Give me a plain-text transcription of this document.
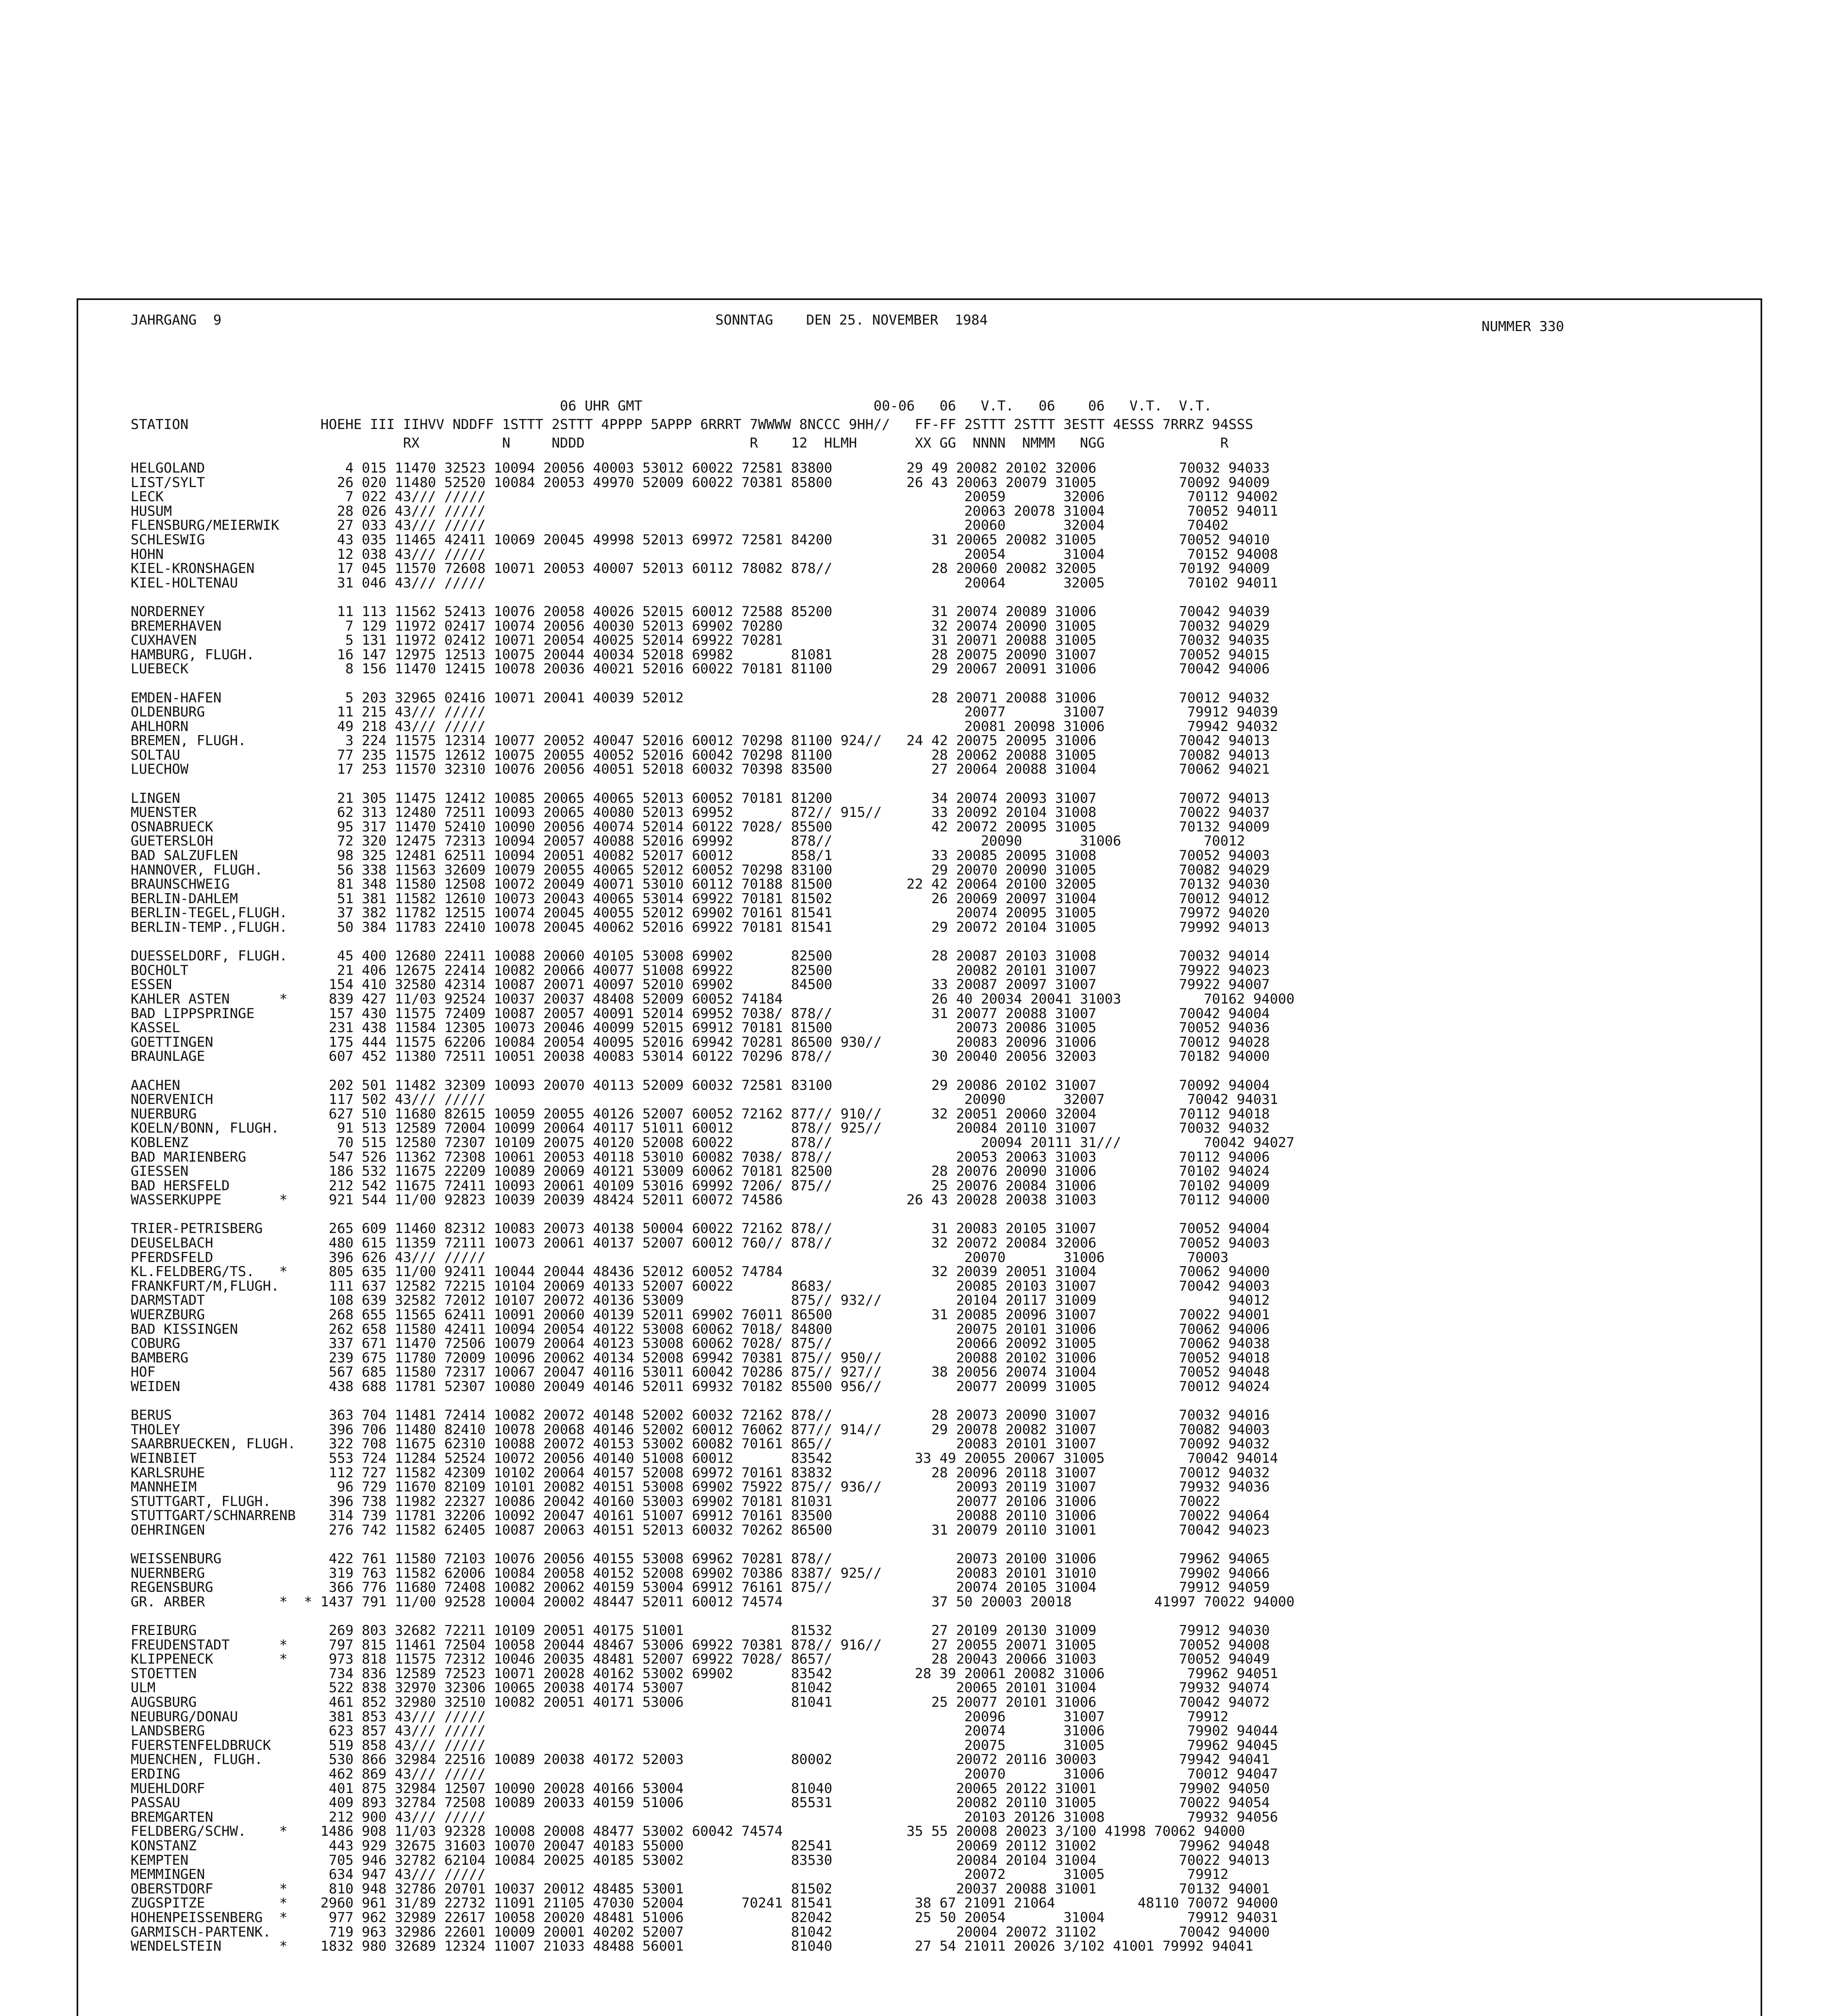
JAHRGANG  9	SONNTAG    DEN 25. NOVEMBER  1984	NUMMER 330
06 UHR GMT                            00-06   06   V.T.   06    06   V.T.  V.T.
STATION                HOEHE III IIHVV NDDFF 1STTT 2STTT 4PPPP 5APPP 6RRRT 7WWWW 8NCCC 9HH//   FF-FF 2STTT 2STTT 3ESTT 4ESSS 7RRRZ 94SSS
RX          N     NDDD                    R    12  HLMH       XX GG  NNNN  NMMM   NGG              R
HELGOLAND                 4 015 11470 32523 10094 20056 40003 53012 60022 72581 83800         29 49 20082 20102 32006          70032 94033
LIST/SYLT                26 020 11480 52520 10084 20053 49970 52009 60022 70381 85800         26 43 20063 20079 31005          70092 94009
LECK                      7 022 43/// /////                                                          20059       32006          70112 94002
HUSUM                    28 026 43/// /////                                                          20063 20078 31004          70052 94011
FLENSBURG/MEIERWIK       27 033 43/// /////                                                          20060       32004          70402
SCHLESWIG                43 035 11465 42411 10069 20045 49998 52013 69972 72581 84200            31 20065 20082 31005          70052 94010
HOHN                     12 038 43/// /////                                                          20054       31004          70152 94008
KIEL-KRONSHAGEN          17 045 11570 72608 10071 20053 40007 52013 60112 78082 878//            28 20060 20082 32005          70192 94009
KIEL-HOLTENAU            31 046 43/// /////                                                          20064       32005          70102 94011
NORDERNEY                11 113 11562 52413 10076 20058 40026 52015 60012 72588 85200            31 20074 20089 31006          70042 94039
BREMERHAVEN               7 129 11972 02417 10074 20056 40030 52013 69902 70280                  32 20074 20090 31005          70032 94029
CUXHAVEN                  5 131 11972 02412 10071 20054 40025 52014 69922 70281                  31 20071 20088 31005          70032 94035
HAMBURG, FLUGH.          16 147 12975 12513 10075 20044 40034 52018 69982       81081            28 20075 20090 31007          70052 94015
LUEBECK                   8 156 11470 12415 10078 20036 40021 52016 60022 70181 81100            29 20067 20091 31006          70042 94006
EMDEN-HAFEN               5 203 32965 02416 10071 20041 40039 52012                              28 20071 20088 31006          70012 94032
OLDENBURG                11 215 43/// /////                                                          20077       31007          79912 94039
AHLHORN                  49 218 43/// /////                                                          20081 20098 31006          79942 94032
BREMEN, FLUGH.            3 224 11575 12314 10077 20052 40047 52016 60012 70298 81100 924//   24 42 20075 20095 31006          70042 94013
SOLTAU                   77 235 11575 12612 10075 20055 40052 52016 60042 70298 81100            28 20062 20088 31005          70082 94013
LUECHOW                  17 253 11570 32310 10076 20056 40051 52018 60032 70398 83500            27 20064 20088 31004          70062 94021
LINGEN                   21 305 11475 12412 10085 20065 40065 52013 60052 70181 81200            34 20074 20093 31007          70072 94013
MUENSTER                 62 313 12480 72511 10093 20065 40080 52013 69952       872// 915//      33 20092 20104 31008          70022 94037
OSNABRUECK               95 317 11470 52410 10090 20056 40074 52014 60122 7028/ 85500            42 20072 20095 31005          70132 94009
GUETERSLOH               72 320 12475 72313 10094 20057 40088 52016 69992       878//                  20090       31006          70012
BAD SALZUFLEN            98 325 12481 62511 10094 20051 40082 52017 60012       858/1            33 20085 20095 31008          70052 94003
HANNOVER, FLUGH.         56 338 11563 32609 10079 20055 40065 52012 60052 70298 83100            29 20070 20090 31005          70082 94029
BRAUNSCHWEIG             81 348 11580 12508 10072 20049 40071 53010 60112 70188 81500         22 42 20064 20100 32005          70132 94030
BERLIN-DAHLEM            51 381 11582 12610 10073 20043 40065 53014 69922 70181 81502            26 20069 20097 31004          70012 94012
BERLIN-TEGEL,FLUGH.      37 382 11782 12515 10074 20045 40055 52012 69902 70161 81541               20074 20095 31005          79972 94020
BERLIN-TEMP.,FLUGH.      50 384 11783 22410 10078 20045 40062 52016 69922 70181 81541            29 20072 20104 31005          79992 94013
DUESSELDORF, FLUGH.      45 400 12680 22411 10088 20060 40105 53008 69902       82500            28 20087 20103 31008          70032 94014
BOCHOLT                  21 406 12675 22414 10082 20066 40077 51008 69922       82500               20082 20101 31007          79922 94023
ESSEN                   154 410 32580 42314 10087 20071 40097 52010 69902       84500            33 20087 20097 31007          79922 94007
KAHLER ASTEN      *     839 427 11/03 92524 10037 20037 48408 52009 60052 74184                  26 40 20034 20041 31003          70162 94000
BAD LIPPSPRINGE         157 430 11575 72409 10087 20057 40091 52014 69952 7038/ 878//            31 20077 20088 31007          70042 94004
KASSEL                  231 438 11584 12305 10073 20046 40099 52015 69912 70181 81500               20073 20086 31005          70052 94036
GOETTINGEN              175 444 11575 62206 10084 20054 40095 52016 69942 70281 86500 930//         20083 20096 31006          70012 94028
BRAUNLAGE               607 452 11380 72511 10051 20038 40083 53014 60122 70296 878//            30 20040 20056 32003          70182 94000
AACHEN                  202 501 11482 32309 10093 20070 40113 52009 60032 72581 83100            29 20086 20102 31007          70092 94004
NOERVENICH              117 502 43/// /////                                                          20090       32007          70042 94031
NUERBURG                627 510 11680 82615 10059 20055 40126 52007 60052 72162 877// 910//      32 20051 20060 32004          70112 94018
KOELN/BONN, FLUGH.       91 513 12589 72004 10099 20064 40117 51011 60012       878// 925//         20084 20110 31007          70032 94032
KOBLENZ                  70 515 12580 72307 10109 20075 40120 52008 60022       878//                  20094 20111 31///          70042 94027
BAD MARIENBERG          547 526 11362 72308 10061 20053 40118 53010 60082 7038/ 878//               20053 20063 31003          70112 94006
GIESSEN                 186 532 11675 22209 10089 20069 40121 53009 60062 70181 82500            28 20076 20090 31006          70102 94024
BAD HERSFELD            212 542 11675 72411 10093 20061 40109 53016 69992 7206/ 875//            25 20076 20084 31006          70102 94009
WASSERKUPPE       *     921 544 11/00 92823 10039 20039 48424 52011 60072 74586               26 43 20028 20038 31003          70112 94000
TRIER-PETRISBERG        265 609 11460 82312 10083 20073 40138 50004 60022 72162 878//            31 20083 20105 31007          70052 94004
DEUSELBACH              480 615 11359 72111 10073 20061 40137 52007 60012 760// 878//            32 20072 20084 32006          70052 94003
PFERDSFELD              396 626 43/// /////                                                          20070       31006          70003
KL.FELDBERG/TS.   *     805 635 11/00 92411 10044 20044 48436 52012 60052 74784                  32 20039 20051 31004          70062 94000
FRANKFURT/M,FLUGH.      111 637 12582 72215 10104 20069 40133 52007 60022       8683/               20085 20103 31007          70042 94003
DARMSTADT               108 639 32582 72012 10107 20072 40136 53009             875// 932//         20104 20117 31009                94012
WUERZBURG               268 655 11565 62411 10091 20060 40139 52011 69902 76011 86500            31 20085 20096 31007          70022 94001
BAD KISSINGEN           262 658 11580 42411 10094 20054 40122 53008 60062 7018/ 84800               20075 20101 31006          70062 94006
COBURG                  337 671 11470 72506 10079 20064 40123 53008 60062 7028/ 875//               20066 20092 31005          70062 94038
BAMBERG                 239 675 11780 72009 10096 20062 40134 52008 69942 70381 875// 950//         20088 20102 31006          70052 94018
HOF                     567 685 11580 72317 10067 20047 40116 53011 60042 70286 875// 927//      38 20056 20074 31004          70052 94048
WEIDEN                  438 688 11781 52307 10080 20049 40146 52011 69932 70182 85500 956//         20077 20099 31005          70012 94024
BERUS                   363 704 11481 72414 10082 20072 40148 52002 60032 72162 878//            28 20073 20090 31007          70032 94016
THOLEY                  396 706 11480 82410 10078 20068 40146 52002 60012 76062 877// 914//      29 20078 20082 31007          70082 94003
SAARBRUECKEN, FLUGH.    322 708 11675 62310 10088 20072 40153 53002 60082 70161 865//               20083 20101 31007          70092 94032
WEINBIET                553 724 11284 52524 10072 20056 40140 51008 60012       83542          33 49 20055 20067 31005          70042 94014
KARLSRUHE               112 727 11582 42309 10102 20064 40157 52008 69972 70161 83832            28 20096 20118 31007          70012 94032
MANNHEIM                 96 729 11670 82109 10101 20082 40151 53008 69902 75922 875// 936//         20093 20119 31007          79932 94036
STUTTGART, FLUGH.       396 738 11982 22327 10086 20042 40160 53003 69902 70181 81031               20077 20106 31006          70022
STUTTGART/SCHNARRENB    314 739 11781 32206 10092 20047 40161 51007 69912 70161 83500               20088 20110 31006          70022 94064
OEHRINGEN               276 742 11582 62405 10087 20063 40151 52013 60032 70262 86500            31 20079 20110 31001          70042 94023
WEISSENBURG             422 761 11580 72103 10076 20056 40155 53008 69962 70281 878//               20073 20100 31006          79962 94065
NUERNBERG               319 763 11582 62006 10084 20058 40152 52008 69902 70386 8387/ 925//         20083 20101 31010          79902 94066
REGENSBURG              366 776 11680 72408 10082 20062 40159 53004 69912 76161 875//               20074 20105 31004          79912 94059
GR. ARBER         *  * 1437 791 11/00 92528 10004 20002 48447 52011 60012 74574                  37 50 20003 20018          41997 70022 94000
FREIBURG                269 803 32682 72211 10109 20051 40175 51001             81532            27 20109 20130 31009          79912 94030
FREUDENSTADT      *     797 815 11461 72504 10058 20044 48467 53006 69922 70381 878// 916//      27 20055 20071 31005          70052 94008
KLIPPENECK        *     973 818 11575 72312 10046 20035 48481 52007 69922 7028/ 8657/            28 20043 20066 31003          70052 94049
STOETTEN                734 836 12589 72523 10071 20028 40162 53002 69902       83542          28 39 20061 20082 31006          79962 94051
ULM                     522 838 32970 32306 10065 20038 40174 53007             81042               20065 20101 31004          79932 94074
AUGSBURG                461 852 32980 32510 10082 20051 40171 53006             81041            25 20077 20101 31006          70042 94072
NEUBURG/DONAU           381 853 43/// /////                                                          20096       31007          79912
LANDSBERG               623 857 43/// /////                                                          20074       31006          79902 94044
FUERSTENFELDBRUCK       519 858 43/// /////                                                          20075       31005          79962 94045
MUENCHEN, FLUGH.        530 866 32984 22516 10089 20038 40172 52003             80002               20072 20116 30003          79942 94041
ERDING                  462 869 43/// /////                                                          20070       31006          70012 94047
MUEHLDORF               401 875 32984 12507 10090 20028 40166 53004             81040               20065 20122 31001          79902 94050
PASSAU                  409 893 32784 72508 10089 20033 40159 51006             85531               20082 20110 31005          70022 94054
BREMGARTEN              212 900 43/// /////                                                          20103 20126 31008          79932 94056
FELDBERG/SCHW.    *    1486 908 11/03 92328 10008 20008 48477 53002 60042 74574               35 55 20008 20023 3/100 41998 70062 94000
KONSTANZ                443 929 32675 31603 10070 20047 40183 55000             82541               20069 20112 31002          79962 94048
KEMPTEN                 705 946 32782 62104 10084 20025 40185 53002             83530               20084 20104 31004          70022 94013
MEMMINGEN               634 947 43/// /////                                                          20072       31005          79912
OBERSTDORF        *     810 948 32786 20701 10037 20012 48485 53001             81502               20037 20088 31001          70132 94001
ZUGSPITZE         *    2960 961 31/89 22732 11091 21105 47030 52004       70241 81541          38 67 21091 21064          48110 70072 94000
HOHENPEISSENBERG  *     977 962 32989 22617 10058 20020 48481 51006             82042          25 50 20054       31004          79912 94031
GARMISCH-PARTENK.       719 963 32986 22601 10009 20001 40202 52007             81042               20004 20072 31102          70042 94000
WENDELSTEIN       *    1832 980 32689 12324 11007 21033 48488 56001             81040          27 54 21011 20026 3/102 41001 79992 94041
